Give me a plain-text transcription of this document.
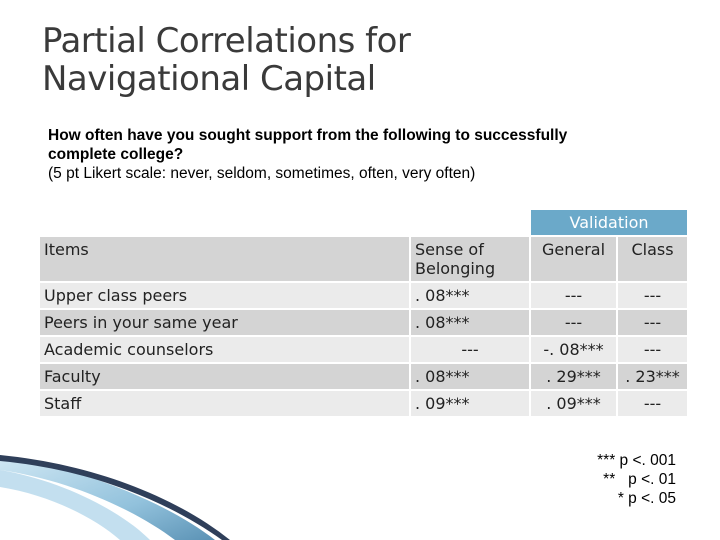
Partial Correlations for
Navigational Capital
How often have you sought support from the following to successfully
complete college?
(5 pt Likert scale: never, seldom, sometimes, often, very often)
		Validation	
Items	Sense of Belonging	General	Class
Upper class peers	. 08***	---	---
Peers in your same year	. 08***	---	---
Academic counselors	---	-. 08***	---
Faculty	. 08***	. 29***	. 23***
Staff	. 09***	. 09***	---
*** p <. 001
**   p <. 01
* p <. 05
